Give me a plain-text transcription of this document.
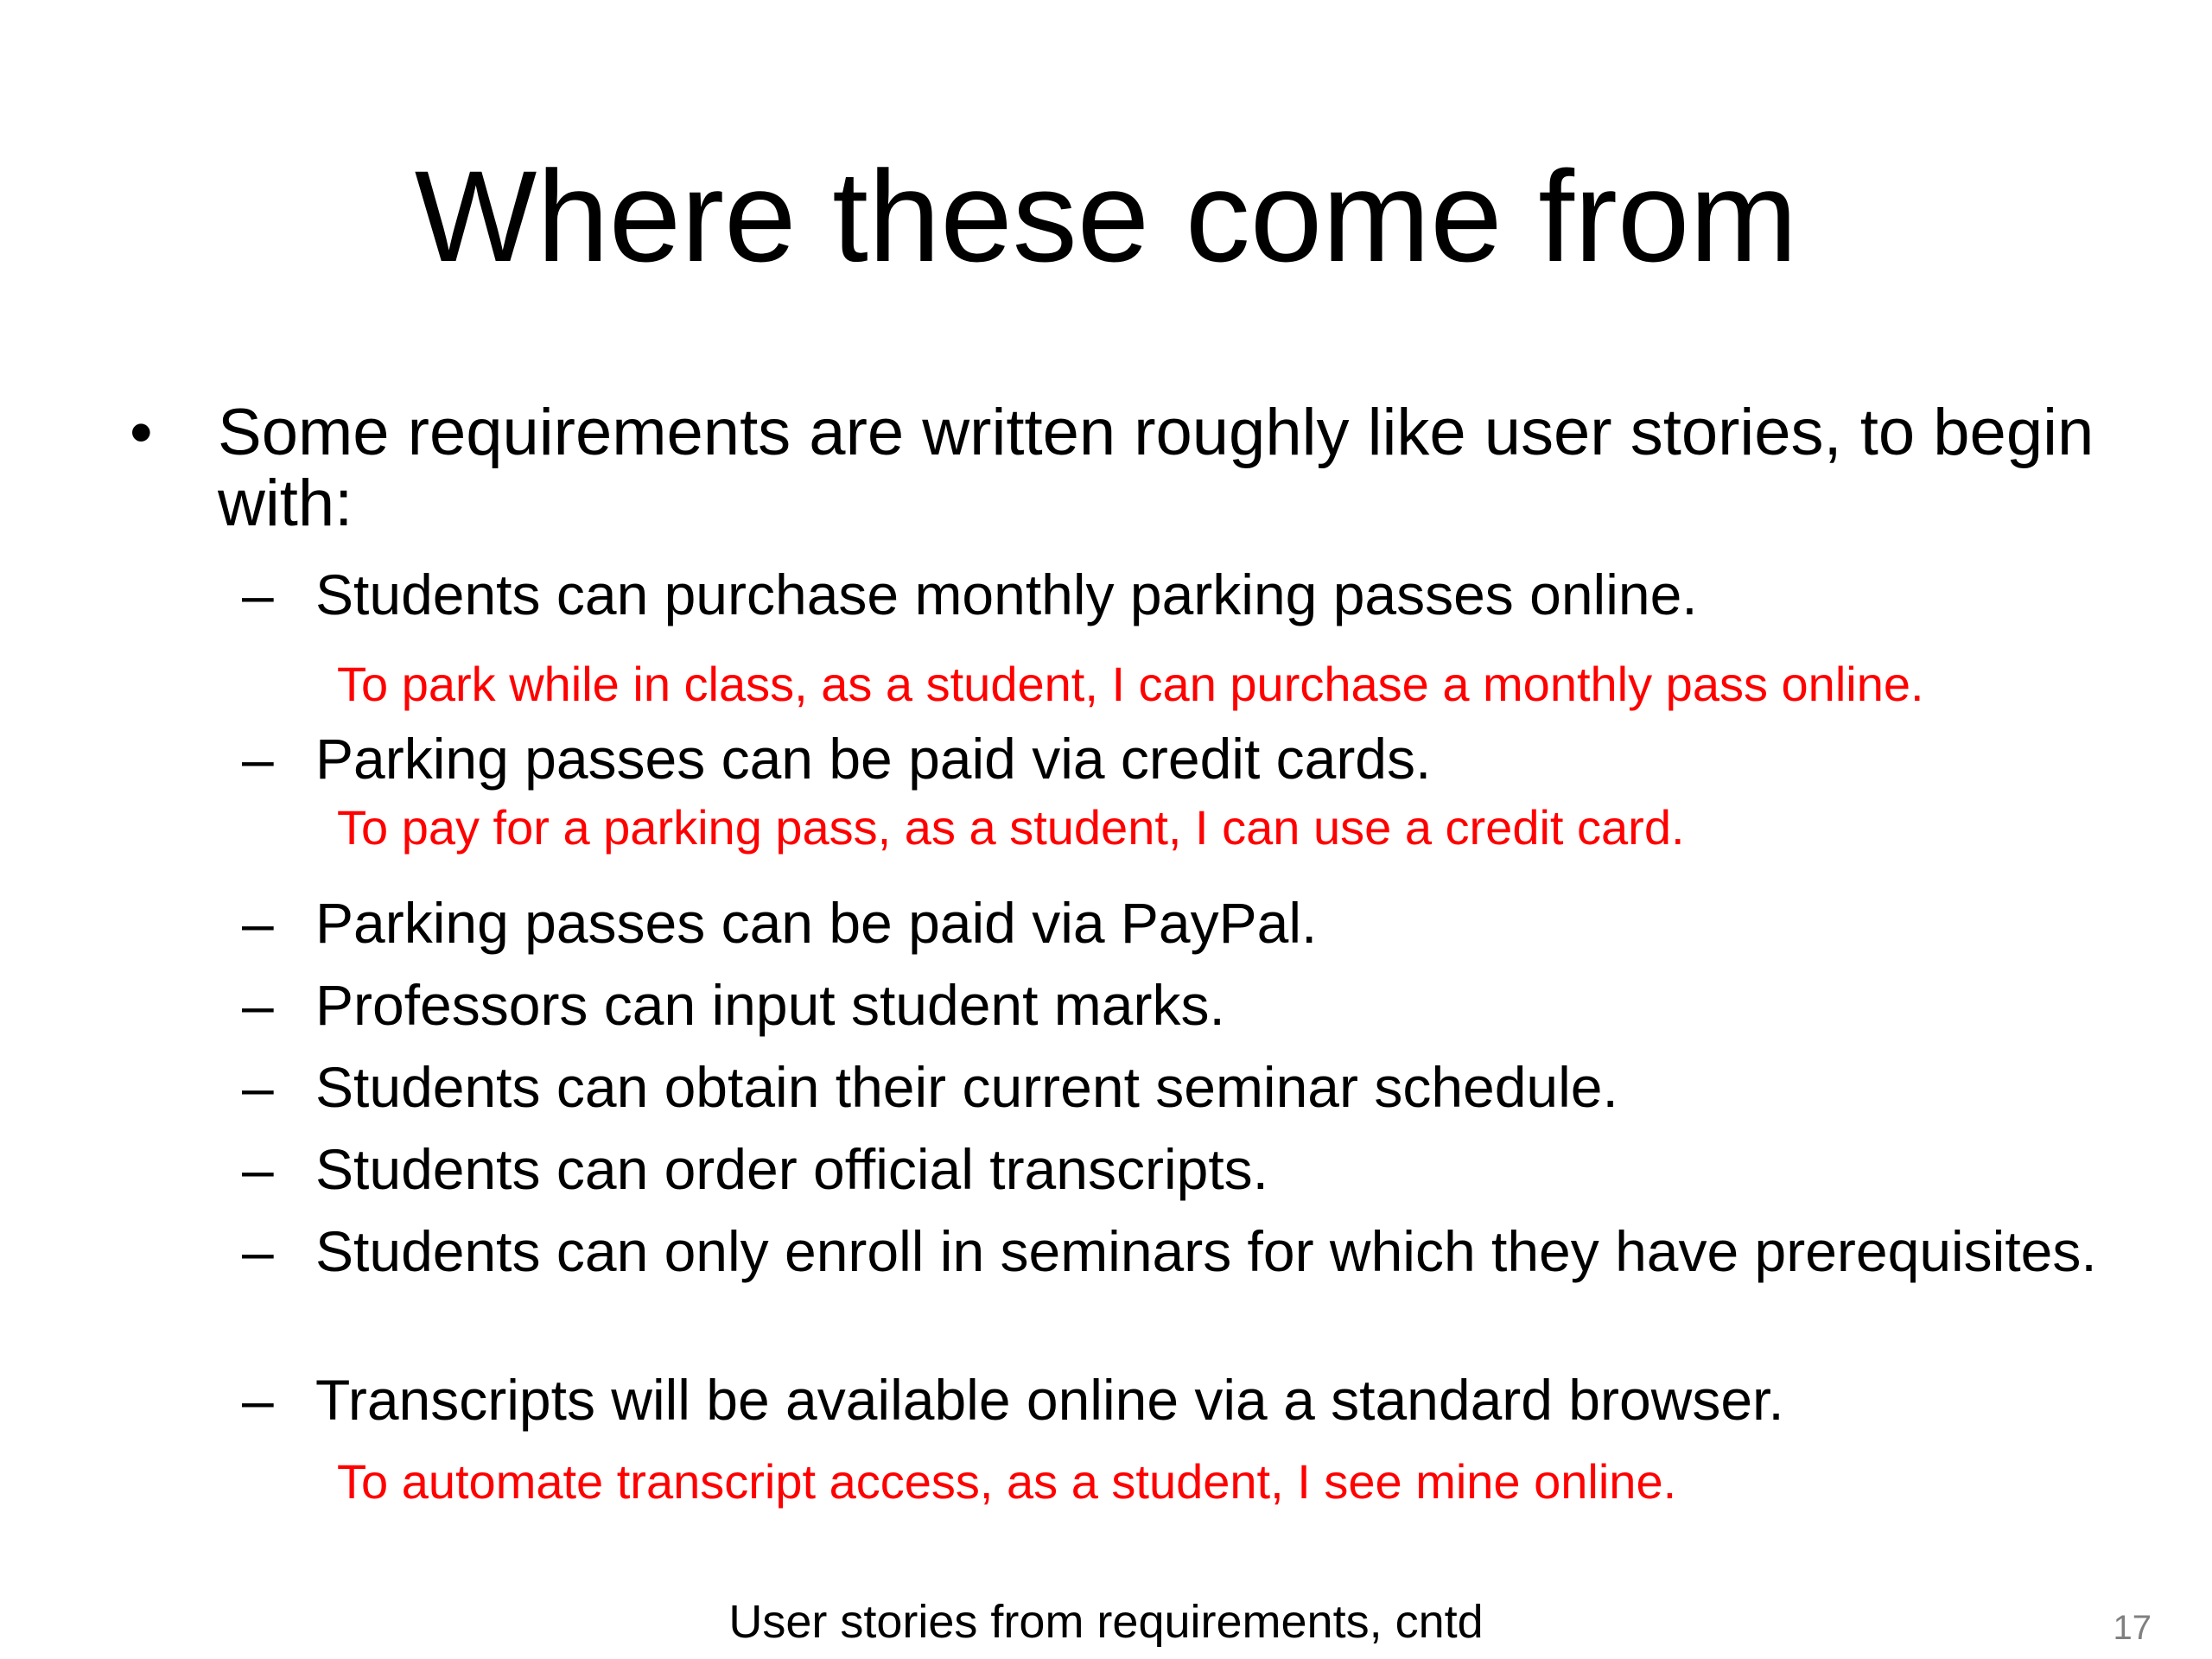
Where these come from
• Some requirements are written roughly like user stories, to begin with:
– Students can purchase monthly parking passes online.
To park while in class, as a student, I can purchase a monthly pass online.
– Parking passes can be paid via credit cards.
To pay for a parking pass, as a student, I can use a credit card.
– Parking passes can be paid via PayPal.
– Professors can input student marks.
– Students can obtain their current seminar schedule.
– Students can order official transcripts.
– Students can only enroll in seminars for which they have prerequisites.
– Transcripts will be available online via a standard browser.
To automate transcript access, as a student, I see mine online.
User stories from requirements, cntd	17
